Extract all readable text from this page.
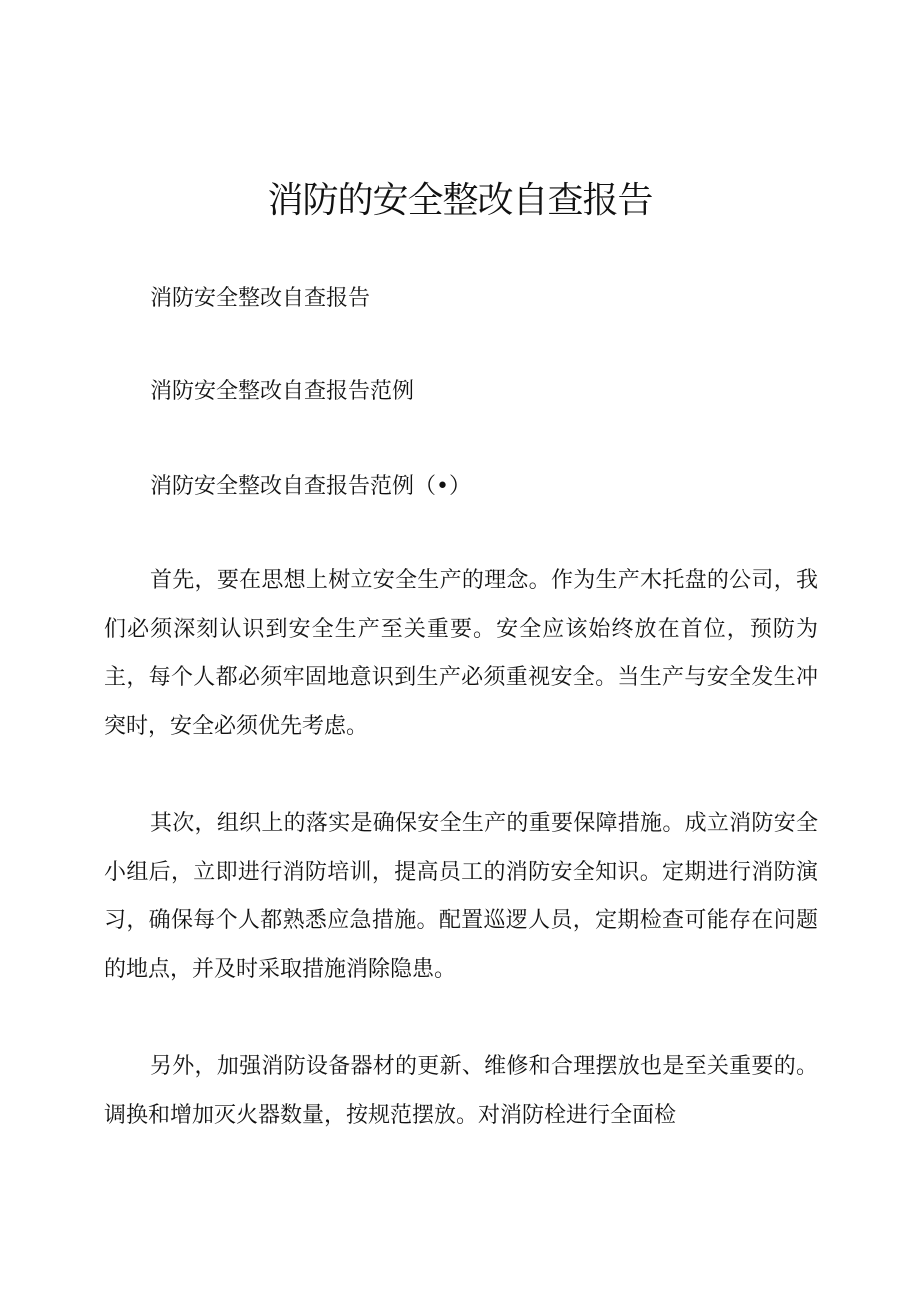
消防的安全整改自查报告

消防安全整改自查报告

消防安全整改自查报告范例

消防安全整改自查报告范例（•）

首先，要在思想上树立安全生产的理念。作为生产木托盘的公司，我们必须深刻认识到安全生产至关重要。安全应该始终放在首位，预防为主，每个人都必须牢固地意识到生产必须重视安全。当生产与安全发生冲突时，安全必须优先考虑。

其次，组织上的落实是确保安全生产的重要保障措施。成立消防安全小组后，立即进行消防培训，提高员工的消防安全知识。定期进行消防演习，确保每个人都熟悉应急措施。配置巡逻人员，定期检查可能存在问题的地点，并及时采取措施消除隐患。

另外，加强消防设备器材的更新、维修和合理摆放也是至关重要的。调换和增加灭火器数量，按规范摆放。对消防栓进行全面检
